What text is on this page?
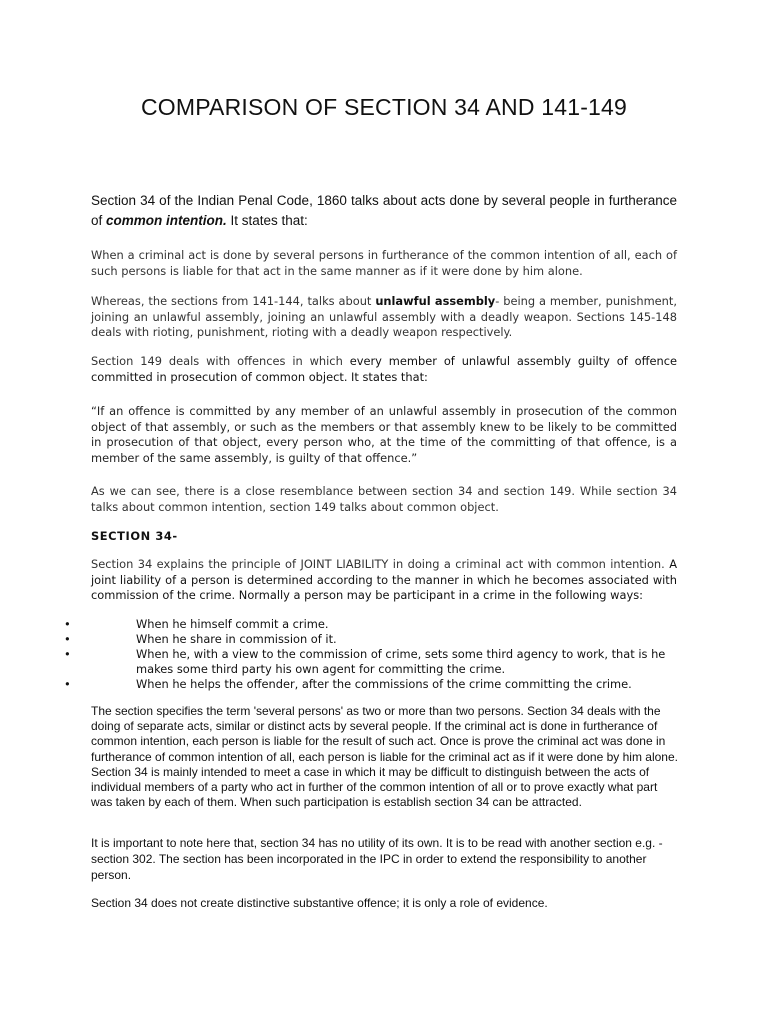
COMPARISON OF SECTION 34 AND 141-149
Section 34 of the Indian Penal Code, 1860 talks about acts done by several people in furtherance of common intention. It states that:
When a criminal act is done by several persons in furtherance of the common intention of all, each of such persons is liable for that act in the same manner as if it were done by him alone.
Whereas, the sections from 141-144, talks about unlawful assembly- being a member, punishment, joining an unlawful assembly, joining an unlawful assembly with a deadly weapon. Sections 145-148 deals with rioting, punishment, rioting with a deadly weapon respectively.
Section 149 deals with offences in which every member of unlawful assembly guilty of offence committed in prosecution of common object. It states that:
“If an offence is committed by any member of an unlawful assembly in prosecution of the common object of that assembly, or such as the members or that assembly knew to be likely to be committed in prosecution of that object, every person who, at the time of the committing of that offence, is a member of the same assembly, is guilty of that offence.”
As we can see, there is a close resemblance between section 34 and section 149. While section 34 talks about common intention, section 149 talks about common object.
SECTION 34-
Section 34 explains the principle of JOINT LIABILITY in doing a criminal act with common intention. A joint liability of a person is determined according to the manner in which he becomes associated with commission of the crime. Normally a person may be participant in a crime in the following ways:
•	When he himself commit a crime.
•	When he share in commission of it.
•	When he, with a view to the commission of crime, sets some third agency to work, that is he makes some third party his own agent for committing the crime.
•	When he helps the offender, after the commissions of the crime committing the crime.
The section specifies the term 'several persons' as two or more than two persons. Section 34 deals with the doing of separate acts, similar or distinct acts by several people. If the criminal act is done in furtherance of common intention, each person is liable for the result of such act. Once is prove the criminal act was done in furtherance of common intention of all, each person is liable for the criminal act as if it were done by him alone. Section 34 is mainly intended to meet a case in which it may be difficult to distinguish between the acts of individual members of a party who act in further of the common intention of all or to prove exactly what part was taken by each of them. When such participation is establish section 34 can be attracted.
It is important to note here that, section 34 has no utility of its own. It is to be read with another section e.g. - section 302. The section has been incorporated in the IPC in order to extend the responsibility to another person.
Section 34 does not create distinctive substantive offence; it is only a role of evidence.
